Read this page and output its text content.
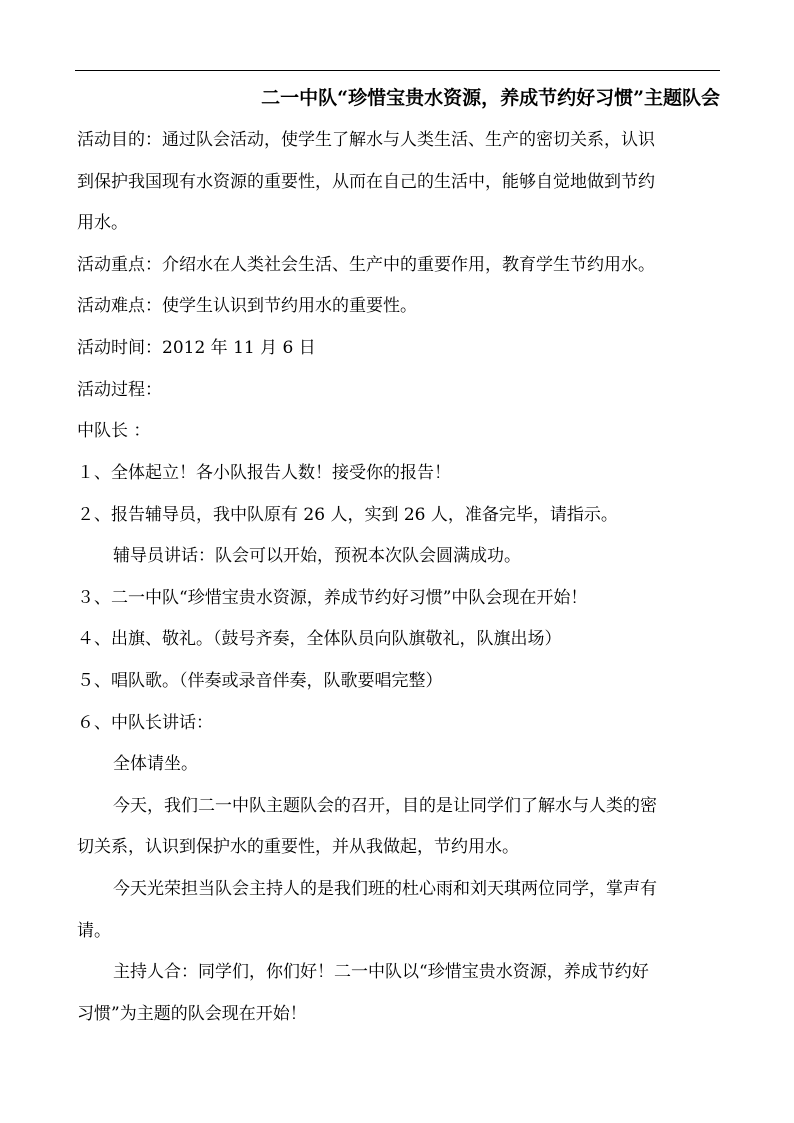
二一中队“珍惜宝贵水资源，养成节约好习惯”主题队会
活动目的：通过队会活动，使学生了解水与人类生活、生产的密切关系，认识
到保护我国现有水资源的重要性，从而在自己的生活中，能够自觉地做到节约
用水。
活动重点：介绍水在人类社会生活、生产中的重要作用，教育学生节约用水。
活动难点：使学生认识到节约用水的重要性。
活动时间：2012 年 11 月 6 日
活动过程：
中队长 ：
１、全体起立！各小队报告人数！接受你的报告！
２、报告辅导员，我中队原有 26 人，实到 26 人，准备完毕，请指示。
辅导员讲话：队会可以开始，预祝本次队会圆满成功。
３、二一中队“珍惜宝贵水资源，养成节约好习惯”中队会现在开始！
４、出旗、敬礼。（鼓号齐奏，全体队员向队旗敬礼，队旗出场）
５、唱队歌。（伴奏或录音伴奏，队歌要唱完整）
６、中队长讲话：
全体请坐。
今天，我们二一中队主题队会的召开，目的是让同学们了解水与人类的密
切关系，认识到保护水的重要性，并从我做起，节约用水。
今天光荣担当队会主持人的是我们班的杜心雨和刘天琪两位同学，掌声有
请。
主持人合：同学们，你们好！二一中队以“珍惜宝贵水资源，养成节约好
习惯”为主题的队会现在开始！
